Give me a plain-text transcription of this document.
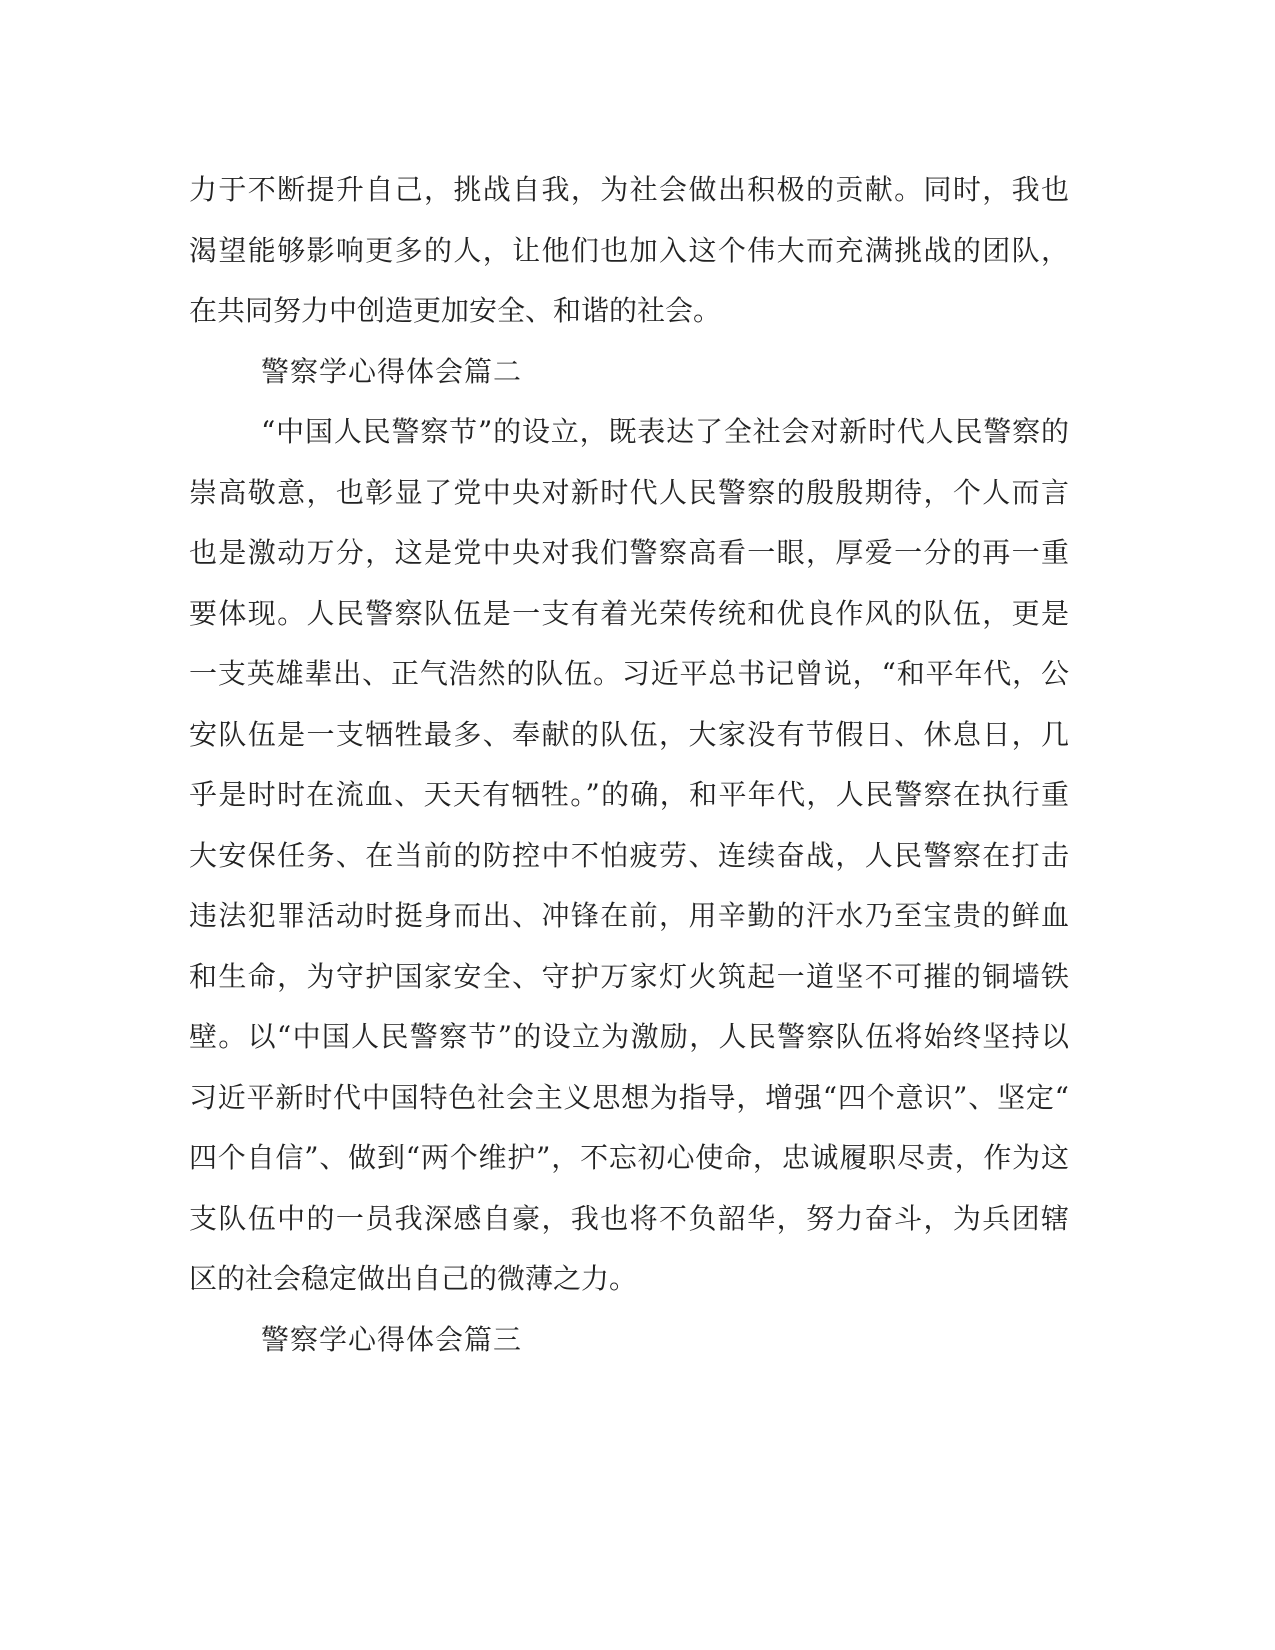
力于不断提升自己，挑战自我，为社会做出积极的贡献。同时，我也
渴望能够影响更多的人，让他们也加入这个伟大而充满挑战的团队，
在共同努力中创造更加安全、和谐的社会。
警察学心得体会篇二
“中国人民警察节”的设立，既表达了全社会对新时代人民警察的
崇高敬意，也彰显了党中央对新时代人民警察的殷殷期待，个人而言
也是激动万分，这是党中央对我们警察高看一眼，厚爱一分的再一重
要体现。人民警察队伍是一支有着光荣传统和优良作风的队伍，更是
一支英雄辈出、正气浩然的队伍。习近平总书记曾说，“和平年代，公
安队伍是一支牺牲最多、奉献的队伍，大家没有节假日、休息日，几
乎是时时在流血、天天有牺牲。”的确，和平年代，人民警察在执行重
大安保任务、在当前的防控中不怕疲劳、连续奋战，人民警察在打击
违法犯罪活动时挺身而出、冲锋在前，用辛勤的汗水乃至宝贵的鲜血
和生命，为守护国家安全、守护万家灯火筑起一道坚不可摧的铜墙铁
壁。以“中国人民警察节”的设立为激励，人民警察队伍将始终坚持以
习近平新时代中国特色社会主义思想为指导，增强“四个意识”、坚定“
四个自信”、做到“两个维护”，不忘初心使命，忠诚履职尽责，作为这
支队伍中的一员我深感自豪，我也将不负韶华，努力奋斗，为兵团辖
区的社会稳定做出自己的微薄之力。
警察学心得体会篇三
